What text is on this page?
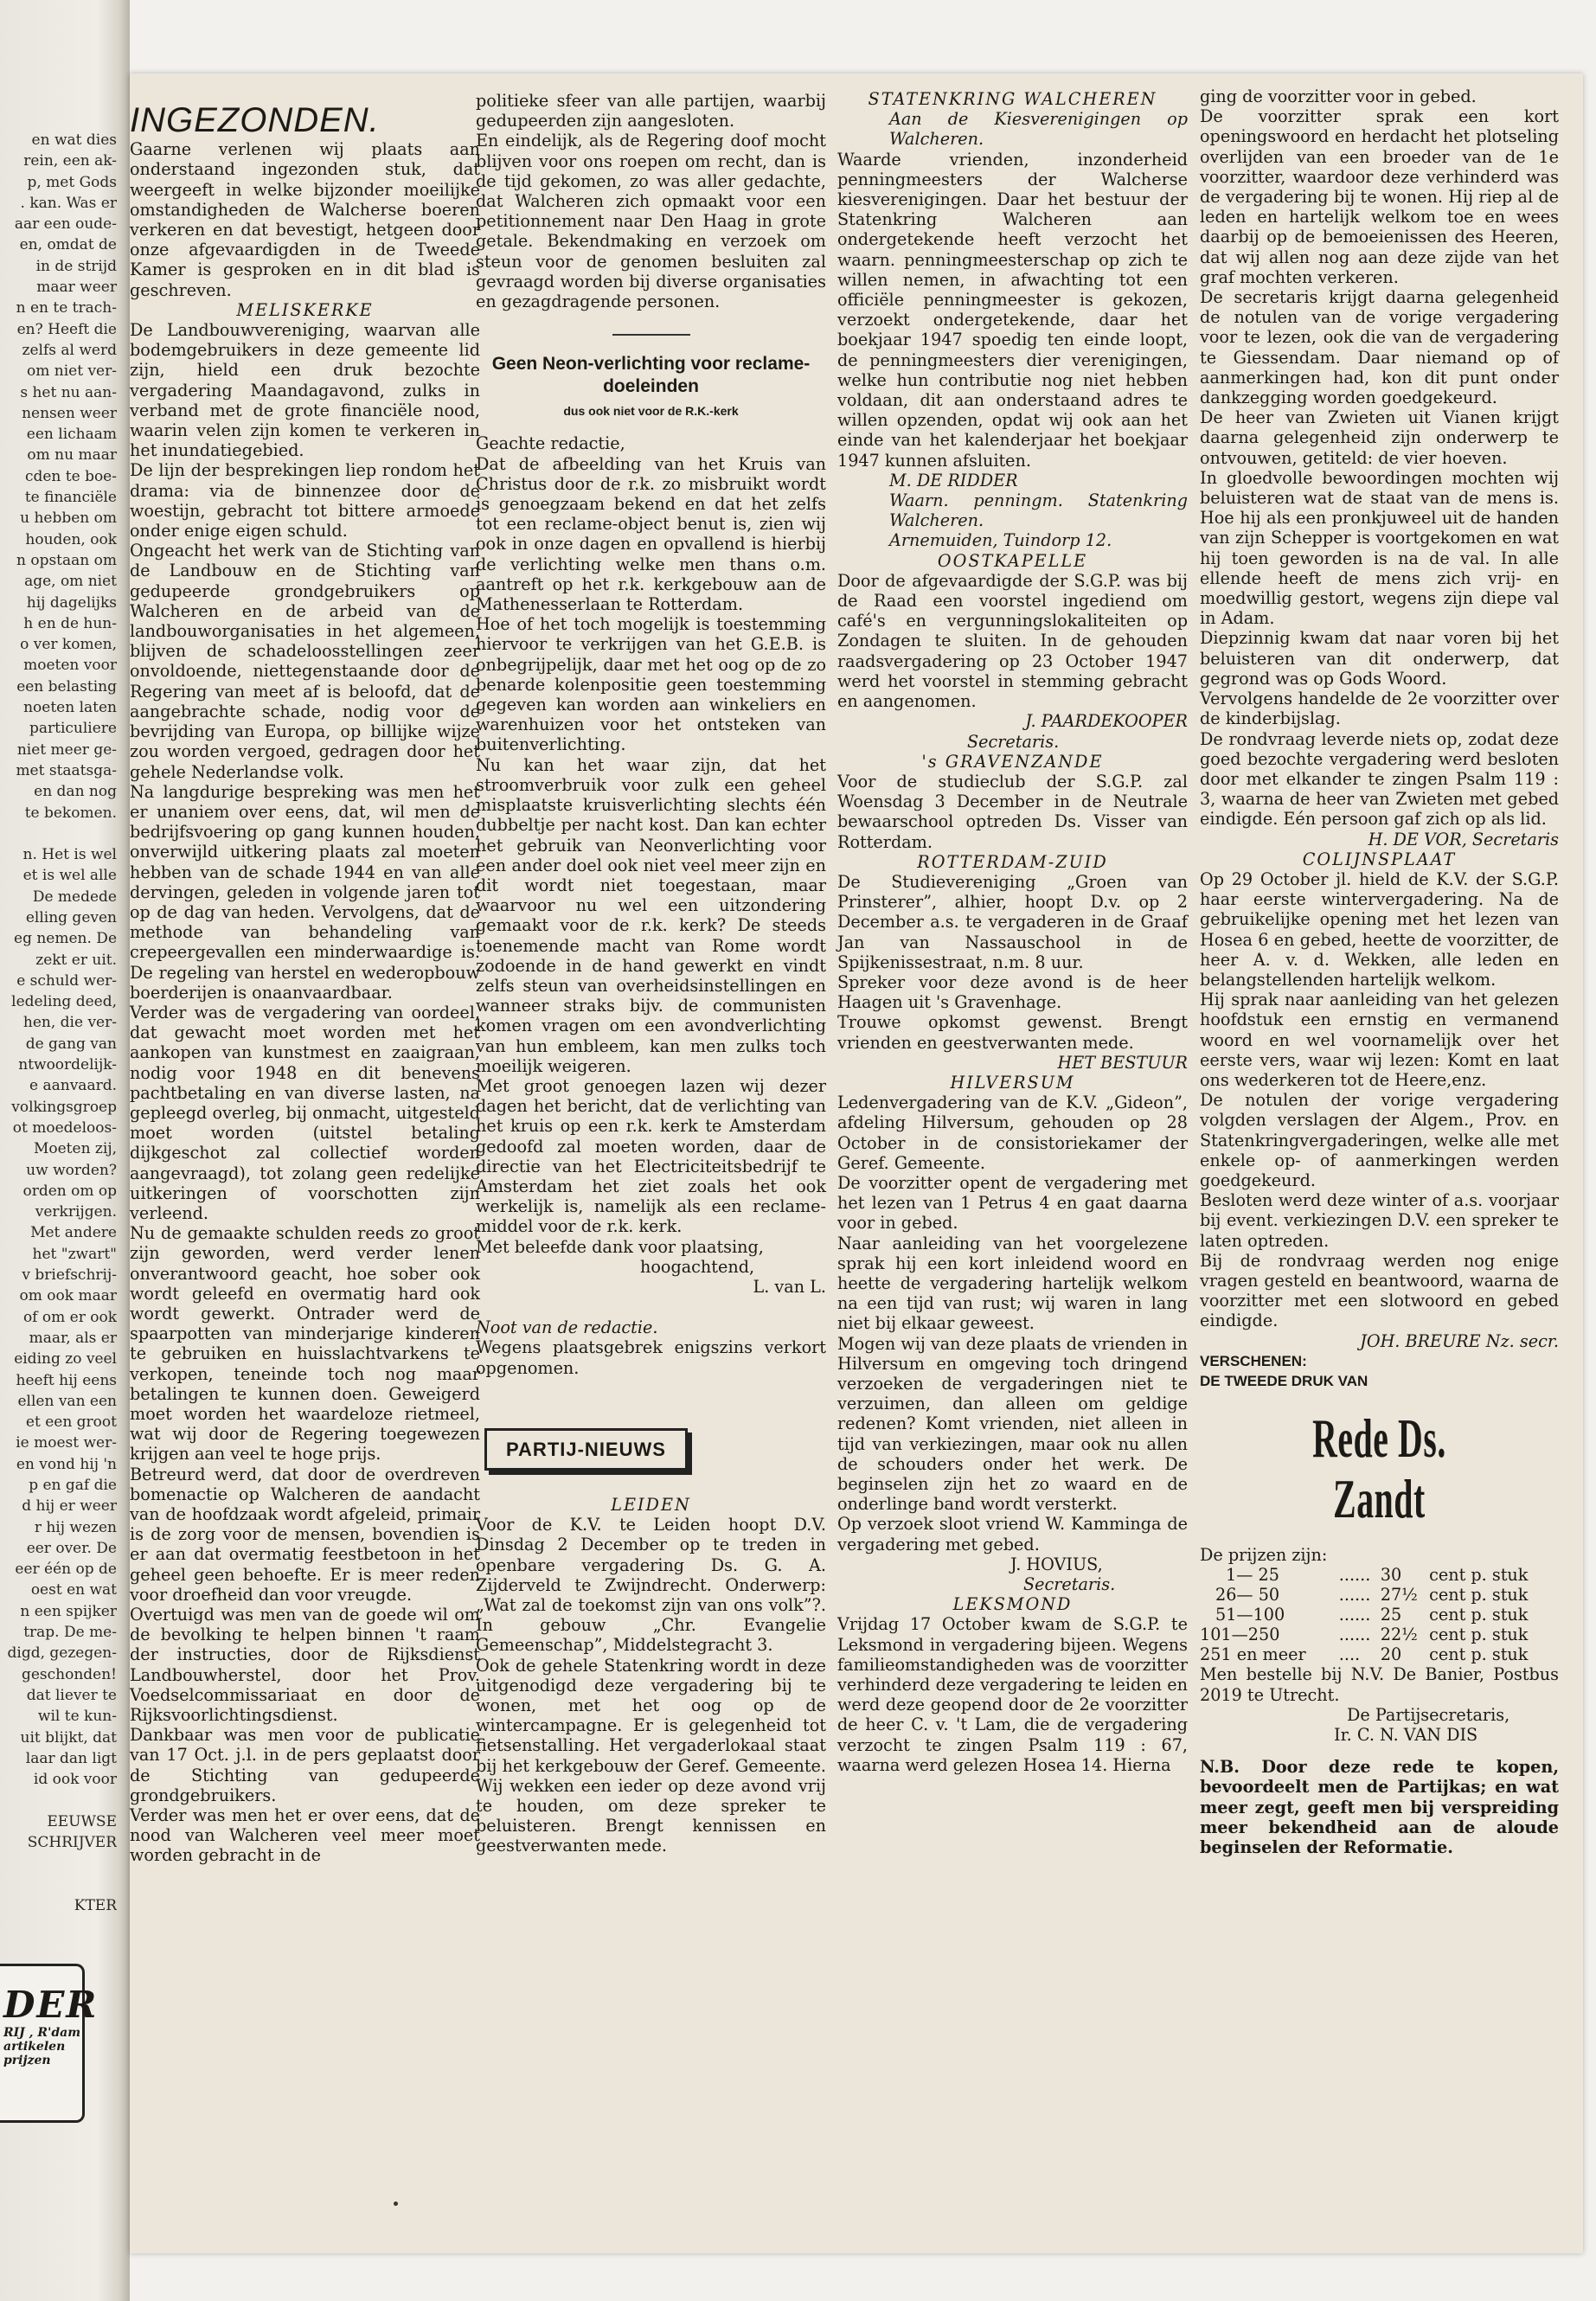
en wat dies
rein, een ak-
p, met Gods
. kan. Was er
aar een oude-
en, omdat de
in de strijd
maar weer
n en te trach-
en? Heeft die
zelfs al werd
om niet ver-
s het nu aan-
nensen weer
een lichaam
om nu maar
cden te boe-
te financiële
u hebben om
houden, ook
n opstaan om
age, om niet
hij dagelijks
h en de hun-
o ver komen,
moeten voor
een belasting
noeten laten
particuliere
niet meer ge-
met staatsga-
en dan nog
te bekomen.

n. Het is wel
et is wel alle
De mededе
elling geven
eg nemen. De
zekt er uit.
e schuld wer-
ledeling deed,
hen, die ver-
de gang van
ntwoordelijk-
e aanvaard.
volkingsgroep
ot moedeloos-
Moeten zij,
uw worden?
orden om op
verkrijgen.
Met andere
het "zwart"
v briefschrij-
om ook maar
of om er ook
maar, als er
eiding zo veel
heeft hij eens
ellen van een
et een groot
ie moest wer-
en vond hij 'n
p en gaf die
d hij er weer
r hij wezen
eer over. De
eer één op de
oest en wat
n een spijker
trap. De me-
digd, gezegen-
geschonden!
dat liever te
wil te kun-
uit blijkt, dat
laar dan ligt
id ook voor

EEUWSE
SCHRIJVER

KTER
DER
RIJ , R'dam
artikelen
prijzen
INGEZONDEN.

Gaarne verlenen wij plaats aan onderstaand ingezonden stuk, dat weergeeft in welke bijzonder moeilijke omstandigheden de Walcherse boeren verkeren en dat bevestigt, hetgeen door onze afgevaardigden in de Tweede Kamer is gesproken en in dit blad is geschreven.

MELISKERKE

De Landbouwvereniging, waarvan alle bodemgebruikers in deze gemeente lid zijn, hield een druk bezochte vergadering Maandagavond, zulks in verband met de grote financiële nood, waarin velen zijn komen te verkeren in het inundatiegebied.

De lijn der besprekingen liep rondom het drama: via de binnenzee door de woestijn, gebracht tot bittere armoede onder enige eigen schuld.

Ongeacht het werk van de Stichting van de Landbouw en de Stichting van gedupeerde grondgebruikers op Walcheren en de arbeid van de landbouworganisaties in het algemeen, blijven de schadeloosstellingen zeer onvoldoende, niettegenstaande door de Regering van meet af is beloofd, dat de aangebrachte schade, nodig voor de bevrijding van Europa, op billijke wijze zou worden vergoed, gedragen door het gehele Nederlandse volk.

Na langdurige bespreking was men het er unaniem over eens, dat, wil men de bedrijfsvoering op gang kunnen houden, onverwijld uitkering plaats zal moeten hebben van de schade 1944 en van alle dervingen, geleden in volgende jaren tot op de dag van heden. Vervolgens, dat de methode van behandeling van crepeergevallen een minderwaardige is. De regeling van herstel en wederopbouw boerderijen is onaanvaardbaar.

Verder was de vergadering van oordeel, dat gewacht moet worden met het aankopen van kunstmest en zaaigraan, nodig voor 1948 en dit benevens pachtbetaling en van diverse lasten, na gepleegd overleg, bij onmacht, uitgesteld moet worden (uitstel betaling dijkgeschot zal collectief worden aangevraagd), tot zolang geen redelijke uitkeringen of voorschotten zijn verleend.

Nu de gemaakte schulden reeds zo groot zijn geworden, werd verder lenen onverantwoord geacht, hoe sober ook wordt geleefd en overmatig hard ook wordt gewerkt. Ontrader werd de spaarpotten van minderjarige kinderen te gebruiken en huisslachtvarkens te verkopen, teneinde toch nog maar betalingen te kunnen doen. Geweigerd moet worden het waardeloze rietmeel, wat wij door de Regering toegewezen krijgen aan veel te hoge prijs.

Betreurd werd, dat door de overdreven bomenactie op Walcheren de aandacht van de hoofdzaak wordt afgeleid, primair is de zorg voor de mensen, bovendien is er aan dat overmatig feestbetoon in het geheel geen behoefte. Er is meer reden voor droefheid dan voor vreugde.

Overtuigd was men van de goede wil om de bevolking te helpen binnen 't raam der instructies, door de Rijksdienst Landbouwherstel, door het Prov. Voedselcommissariaat en door de Rijksvoorlichtingsdienst.

Dankbaar was men voor de publicatie van 17 Oct. j.l. in de pers geplaatst door de Stichting van gedupeerde grondgebruikers.

Verder was men het er over eens, dat de nood van Walcheren veel meer moet worden gebracht in de

politieke sfeer van alle partijen, waarbij gedupeerden zijn aangesloten.

En eindelijk, als de Regering doof mocht blijven voor ons roepen om recht, dan is de tijd gekomen, zo was aller gedachte, dat Walcheren zich opmaakt voor een petitionnement naar Den Haag in grote getale. Bekendmaking en verzoek om steun voor de genomen besluiten zal gevraagd worden bij diverse organisaties en gezagdragende personen.

Geen Neon-verlichting voor reclame-doeleinden
dus ook niet voor de R.K.-kerk

Geachte redactie,

Dat de afbeelding van het Kruis van Christus door de r.k. zo misbruikt wordt is genoegzaam bekend en dat het zelfs tot een reclame-object benut is, zien wij ook in onze dagen en opvallend is hierbij de verlichting welke men thans o.m. aantreft op het r.k. kerkgebouw aan de Mathenesserlaan te Rotterdam.

Hoe of het toch mogelijk is toestemming hiervoor te verkrijgen van het G.E.B. is onbegrijpelijk, daar met het oog op de zo benarde kolenpositie geen toestemming gegeven kan worden aan winkeliers en warenhuizen voor het ontsteken van buitenverlichting.

Nu kan het waar zijn, dat het stroomverbruik voor zulk een geheel misplaatste kruisverlichting slechts één dubbeltje per nacht kost. Dan kan echter het gebruik van Neonverlichting voor een ander doel ook niet veel meer zijn en dit wordt niet toegestaan, maar waarvoor nu wel een uitzondering gemaakt voor de r.k. kerk? De steeds toenemende macht van Rome wordt zodoende in de hand gewerkt en vindt zelfs steun van overheidsinstellingen en wanneer straks bijv. de communisten komen vragen om een avondverlichting van hun embleem, kan men zulks toch moeilijk weigeren.

Met groot genoegen lazen wij dezer dagen het bericht, dat de verlichting van het kruis op een r.k. kerk te Amsterdam gedoofd zal moeten worden, daar de directie van het Electriciteitsbedrijf te Amsterdam het ziet zoals het ook werkelijk is, namelijk als een reclame-middel voor de r.k. kerk.

Met beleefde dank voor plaatsing,

hoogachtend,

L. van L.

Noot van de redactie.

Wegens plaatsgebrek enigszins verkort opgenomen.

PARTIJ-NIEUWS

LEIDEN

Voor de K.V. te Leiden hoopt D.V. Dinsdag 2 December op te treden in openbare vergadering Ds. G. A. Zijderveld te Zwijndrecht. Onderwerp: „Wat zal de toekomst zijn van ons volk”?. In gebouw „Chr. Evangelie Gemeenschap”, Middelstegracht 3.

Ook de gehele Statenkring wordt in deze uitgenodigd deze vergadering bij te wonen, met het oog op de wintercampagne. Er is gelegenheid tot fietsenstalling. Het vergaderlokaal staat bij het kerkgebouw der Geref. Gemeente. Wij wekken een ieder op deze avond vrij te houden, om deze spreker te beluisteren. Brengt kennissen en geestverwanten mede.

STATENKRING WALCHEREN

Aan de Kiesverenigingen op Walcheren.

Waarde vrienden, inzonderheid penningmeesters der Walcherse kiesverenigingen. Daar het bestuur der Statenkring Walcheren aan ondergetekende heeft verzocht het waarn. penningmeesterschap op zich te willen nemen, in afwachting tot een officiële penningmeester is gekozen, verzoekt ondergetekende, daar het boekjaar 1947 spoedig ten einde loopt, de penningmeesters dier verenigingen, welke hun contributie nog niet hebben voldaan, dit aan onderstaand adres te willen opzenden, opdat wij ook aan het einde van het kalenderjaar het boekjaar 1947 kunnen afsluiten.

M. DE RIDDER

Waarn. penningm. Statenkring Walcheren.

Arnemuiden, Tuindorp 12.

OOSTKAPELLE

Door de afgevaardigde der S.G.P. was bij de Raad een voorstel ingediend om café's en vergunningslokaliteiten op Zondagen te sluiten. In de gehouden raadsvergadering op 23 October 1947 werd het voorstel in stemming gebracht en aangenomen.

J. PAARDEKOOPER

Secretaris.

's GRAVENZANDE

Voor de studieclub der S.G.P. zal Woensdag 3 December in de Neutrale bewaarschool optreden Ds. Visser van Rotterdam.

ROTTERDAM-ZUID

De Studievereniging „Groen van Prinsterer”, alhier, hoopt D.v. op 2 December a.s. te vergaderen in de Graaf Jan van Nassauschool in de Spijkenissestraat, n.m. 8 uur.

Spreker voor deze avond is de heer Haagen uit 's Gravenhage.

Trouwe opkomst gewenst. Brengt vrienden en geestverwanten mede.

HET BESTUUR

HILVERSUM

Ledenvergadering van de K.V. „Gideon”, afdeling Hilversum, gehouden op 28 October in de consistoriekamer der Geref. Gemeente.

De voorzitter opent de vergadering met het lezen van 1 Petrus 4 en gaat daarna voor in gebed.

Naar aanleiding van het voorgelezene sprak hij een kort inleidend woord en heette de vergadering hartelijk welkom na een tijd van rust; wij waren in lang niet bij elkaar geweest.

Mogen wij van deze plaats de vrienden in Hilversum en omgeving toch dringend verzoeken de vergaderingen niet te verzuimen, dan alleen om geldige redenen? Komt vrienden, niet alleen in tijd van verkiezingen, maar ook nu allen de schouders onder het werk. De beginselen zijn het zo waard en de onderlinge band wordt versterkt.

Op verzoek sloot vriend W. Kamminga de vergadering met gebed.

J. HOVIUS,

Secretaris.

LEKSMOND

Vrijdag 17 October kwam de S.G.P. te Leksmond in vergadering bijeen. Wegens familieomstandigheden was de voorzitter verhinderd deze vergadering te leiden en werd deze geopend door de 2e voorzitter de heer C. v. 't Lam, die de vergadering verzocht te zingen Psalm 119 : 67, waarna werd gelezen Hosea 14. Hierna

ging de voorzitter voor in gebed.

De voorzitter sprak een kort openingswoord en herdacht het plotseling overlijden van een broeder van de 1e voorzitter, waardoor deze verhinderd was de vergadering bij te wonen. Hij riep al de leden en hartelijk welkom toe en wees daarbij op de bemoeienissen des Heeren, dat wij allen nog aan deze zijde van het graf mochten verkeren.

De secretaris krijgt daarna gelegenheid de notulen van de vorige vergadering voor te lezen, ook die van de vergadering te Giessendam. Daar niemand op of aanmerkingen had, kon dit punt onder dankzegging worden goedgekeurd.

De heer van Zwieten uit Vianen krijgt daarna gelegenheid zijn onderwerp te ontvouwen, getiteld: de vier hoeven.

In gloedvolle bewoordingen mochten wij beluisteren wat de staat van de mens is. Hoe hij als een pronkjuweel uit de handen van zijn Schepper is voortgekomen en wat hij toen geworden is na de val. In alle ellende heeft de mens zich vrij- en moedwillig gestort, wegens zijn diepe val in Adam.

Diepzinnig kwam dat naar voren bij het beluisteren van dit onderwerp, dat gegrond was op Gods Woord.

Vervolgens handelde de 2e voorzitter over de kinderbijslag.

De rondvraag leverde niets op, zodat deze goed bezochte vergadering werd besloten door met elkander te zingen Psalm 119 : 3, waarna de heer van Zwieten met gebed eindigde. Eén persoon gaf zich op als lid.

H. DE VOR, Secretaris

COLIJNSPLAAT

Op 29 October jl. hield de K.V. der S.G.P. haar eerste wintervergadering. Na de gebruikelijke opening met het lezen van Hosea 6 en gebed, heette de voorzitter, de heer A. v. d. Wekken, alle leden en belangstellenden hartelijk welkom.

Hij sprak naar aanleiding van het gelezen hoofdstuk een ernstig en vermanend woord en wel voornamelijk over het eerste vers, waar wij lezen: Komt en laat ons wederkeren tot de Heere,enz.

De notulen der vorige vergadering volgden verslagen der Algem., Prov. en Statenkringvergaderingen, welke alle met enkele op- of aanmerkingen werden goedgekeurd.

Besloten werd deze winter of a.s. voorjaar bij event. verkiezingen D.V. een spreker te laten optreden.

Bij de rondvraag werden nog enige vragen gesteld en beantwoord, waarna de voorzitter met een slotwoord en gebed eindigde.

JOH. BREURE Nz. secr.

VERSCHENEN:

DE TWEEDE DRUK VAN

Rede Ds. Zandt

De prijzen zijn:

1— 25	......	30	cent p. stuk
26— 50	......	27½	cent p. stuk
51—100	......	25	cent p. stuk
101—250	......	22½	cent p. stuk
251 en meer	....	20	cent p. stuk

Men bestelle bij N.V. De Banier, Postbus 2019 te Utrecht.

De Partijsecretaris,

Ir. C. N. VAN DIS

N.B. Door deze rede te kopen, bevoordeelt men de Partijkas; en wat meer zegt, geeft men bij verspreiding meer bekendheid aan de aloude beginselen der Reformatie.
